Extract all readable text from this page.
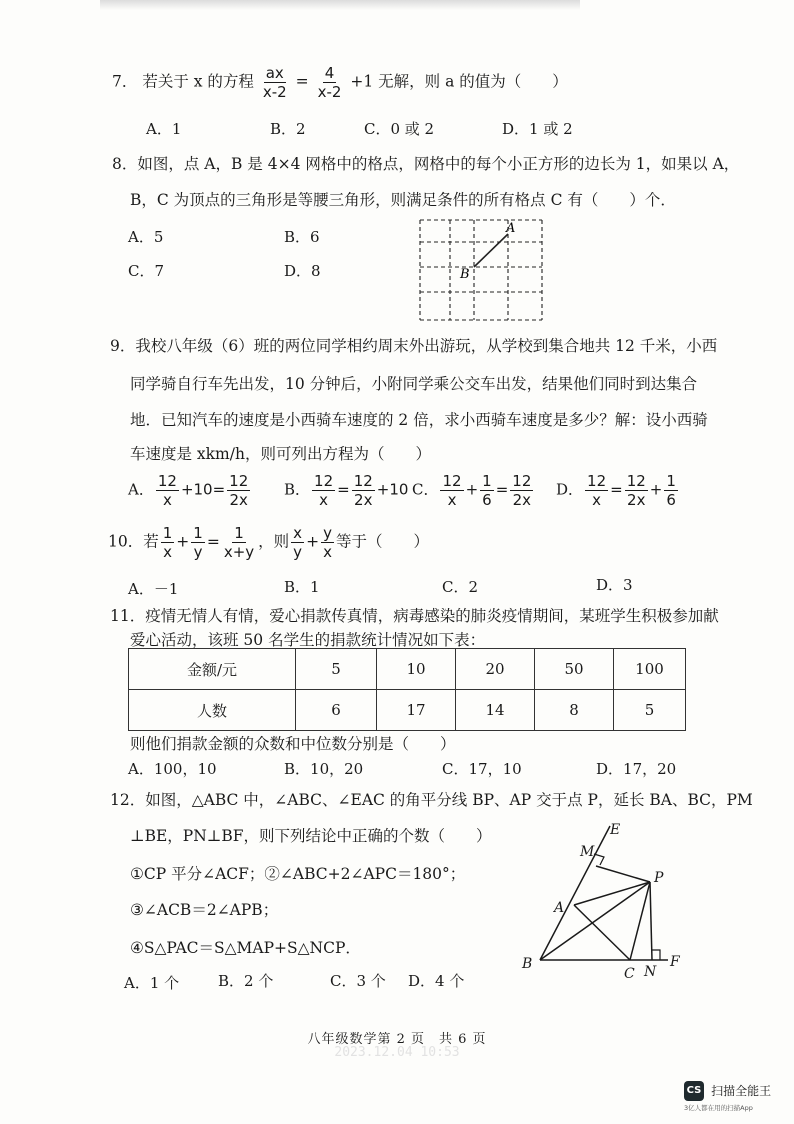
7． 若关于 x 的方程 $\frac{ax}{x-2} = \frac{4}{x-2} +1$ 无解，则 a 的值为（　　）
A．1	B．2	C．0 或 2	D．1 或 2
8．如图，点 A，B 是 4×4 网格中的格点，网格中的每个小正方形的边长为 1，如果以 A，
B，C 为顶点的三角形是等腰三角形，则满足条件的所有格点 C 有（　　）个．
A．5	B．6
C．7	D．8
A
B
9．我校八年级（6）班的两位同学相约周末外出游玩，从学校到集合地共 12 千米，小西
同学骑自行车先出发，10 分钟后，小附同学乘公交车出发，结果他们同时到达集合
地．已知汽车的速度是小西骑车速度的 2 倍，求小西骑车速度是多少？解：设小西骑
车速度是 xkm/h，则可列出方程为（　　）
A． $\frac{12}{x} +10= \frac{12}{2x}$ B． $\frac{12}{x} = \frac{12}{2x} +10$ C． $\frac{12}{x} + \frac{1}{6} = \frac{12}{2x}$ D． $\frac{12}{x} = \frac{12}{2x} + \frac{1}{6}$
10．若 $\frac{1}{x} + \frac{1}{y} = \frac{1}{x+y}$ ，则 $\frac{x}{y} + \frac{y}{x}$ 等于（　　）
A．－1	B．1	C．2	D．3
11．疫情无情人有情，爱心捐款传真情，病毒感染的肺炎疫情期间，某班学生积极参加献
爱心活动，该班 50 名学生的捐款统计情况如下表：
金额/元	5	10	20	50	100
人数	6	17	14	8	5
则他们捐款金额的众数和中位数分别是（　　）
A．100，10	B．10，20	C．17，10	D．17，20
12．如图，△ABC 中，∠ABC、∠EAC 的角平分线 BP、AP 交于点 P，延长 BA、BC，PM
⊥BE，PN⊥BF，则下列结论中正确的个数（　　）
①CP 平分∠ACF；②∠ABC+2∠APC＝180°；
③∠ACB＝2∠APB；
④S△PAC＝S△MAP+S△NCP．
A．1 个	B．2 个	C．3 个 D．4 个
E
M
P
A
B
C N
F
八年级数学第 2 页　共 6 页
2023.12.04 10:53
CS 扫描全能王
3亿人都在用的扫描App
